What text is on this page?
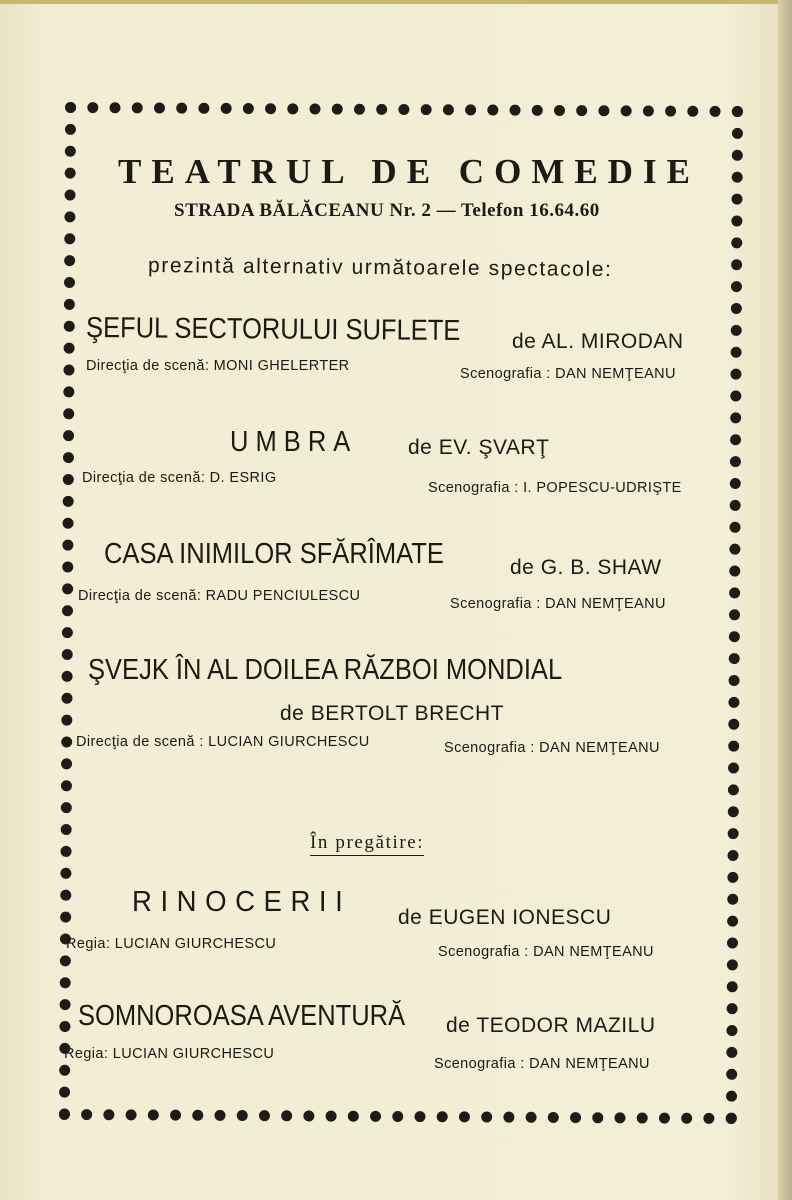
TEATRUL DE COMEDIE
STRADA BĂLĂCEANU Nr. 2 — Telefon 16.64.60
prezintă alternativ următoarele spectacole:
ŞEFUL SECTORULUI SUFLETE de AL. MIRODAN
Direcţia de scenă: MONI GHELERTER	Scenografia : DAN NEMŢEANU
UMBRA de EV. ŞVARŢ
Direcţia de scenă: D. ESRIG
Scenografia : I. POPESCU-UDRIŞTE
CASA INIMILOR SFĂRÎMATE	de G. B. SHAW
Direcţia de scenă: RADU PENCIULESCU	Scenografia : DAN NEMŢEANU
ŞVEJK ÎN AL DOILEA RĂZBOI MONDIAL
de BERTOLT BRECHT
Direcţia de scenă : LUCIAN GIURCHESCU	Scenografia : DAN NEMŢEANU
În pregătire:
RINOCERII de EUGEN IONESCU
Regia: LUCIAN GIURCHESCU	Scenografia : DAN NEMŢEANU
SOMNOROASA AVENTURĂ de TEODOR MAZILU
Regia: LUCIAN GIURCHESCU
Scenografia : DAN NEMŢEANU
